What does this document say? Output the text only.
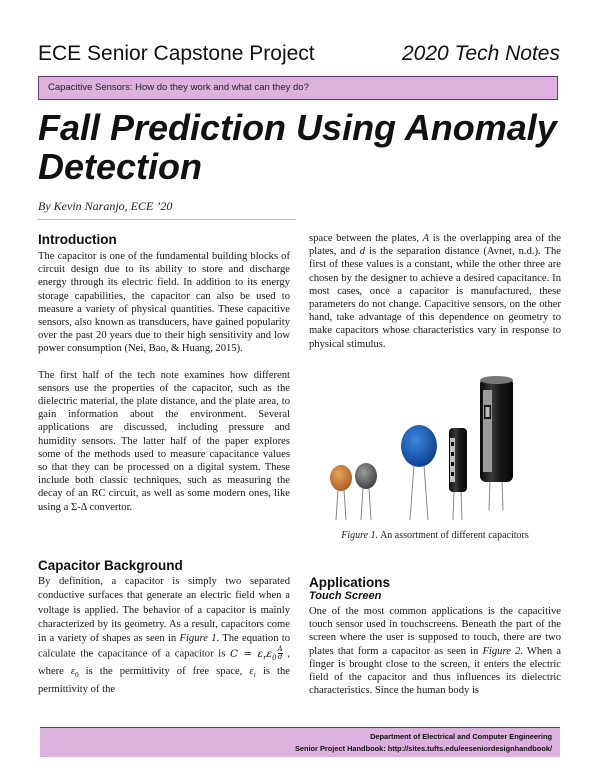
ECE Senior Capstone Project	2020 Tech Notes
Capacitive Sensors: How do they work and what can they do?
Fall Prediction Using Anomaly Detection
By Kevin Naranjo, ECE ’20
Introduction

The capacitor is one of the fundamental building blocks of circuit design due to its ability to store and discharge energy through its electric field. In addition to its energy storage capabilities, the capacitor can also be used to measure a variety of physical quantities. These capacitive sensors, also known as transducers, have gained popularity over the past 20 years due to their high sensitivity and low power consumption (Nei, Bao, & Huang, 2015).

The first half of the tech note examines how different sensors use the properties of the capacitor, such as the dielectric material, the plate distance, and the plate area, to gain information about the environment. Several applications are discussed, including pressure and humidity sensors. The latter half of the paper explores some of the methods used to measure capacitance values so that they can be processed on a digital system. These include both classic techniques, such as measuring the decay of an RC circuit, as well as some modern ones, like using a Σ-Δ convertor.

Capacitor Background
By definition, a capacitor is simply two separated conductive surfaces that generate an electric field when a voltage is applied. The behavior of a capacitor is mainly characterized by its geometry. As a result, capacitors come in a variety of shapes as seen in Figure 1. The equation to calculate the capacitance of a capacitor is $C = \varepsilon_r\varepsilon_0 \frac{A}{d}$ , where $\varepsilon_0$ is the permittivity of free space, $\varepsilon_r$ is the permittivity of the
space between the plates, A is the overlapping area of the plates, and d is the separation distance (Avnet, n.d.). The first of these values is a constant, while the other three are chosen by the designer to achieve a desired capacitance. In most cases, once a capacitor is manufactured, these parameters do not change. Capacitive sensors, on the other hand, take advantage of this dependence on geometry to make capacitors whose characteristics vary in response to physical stimulus.
Figure 1. An assortment of different capacitors
Applications
Touch Screen
One of the most common applications is the capacitive touch sensor used in touchscreens. Beneath the part of the screen where the user is supposed to touch, there are two plates that form a capacitor as seen in Figure 2. When a finger is brought close to the screen, it enters the electric field of the capacitor and thus influences its dielectric characteristics. Since the human body is
Department of Electrical and Computer Engineering
Senior Project Handbook: http://sites.tufts.edu/eeseniordesignhandbook/
